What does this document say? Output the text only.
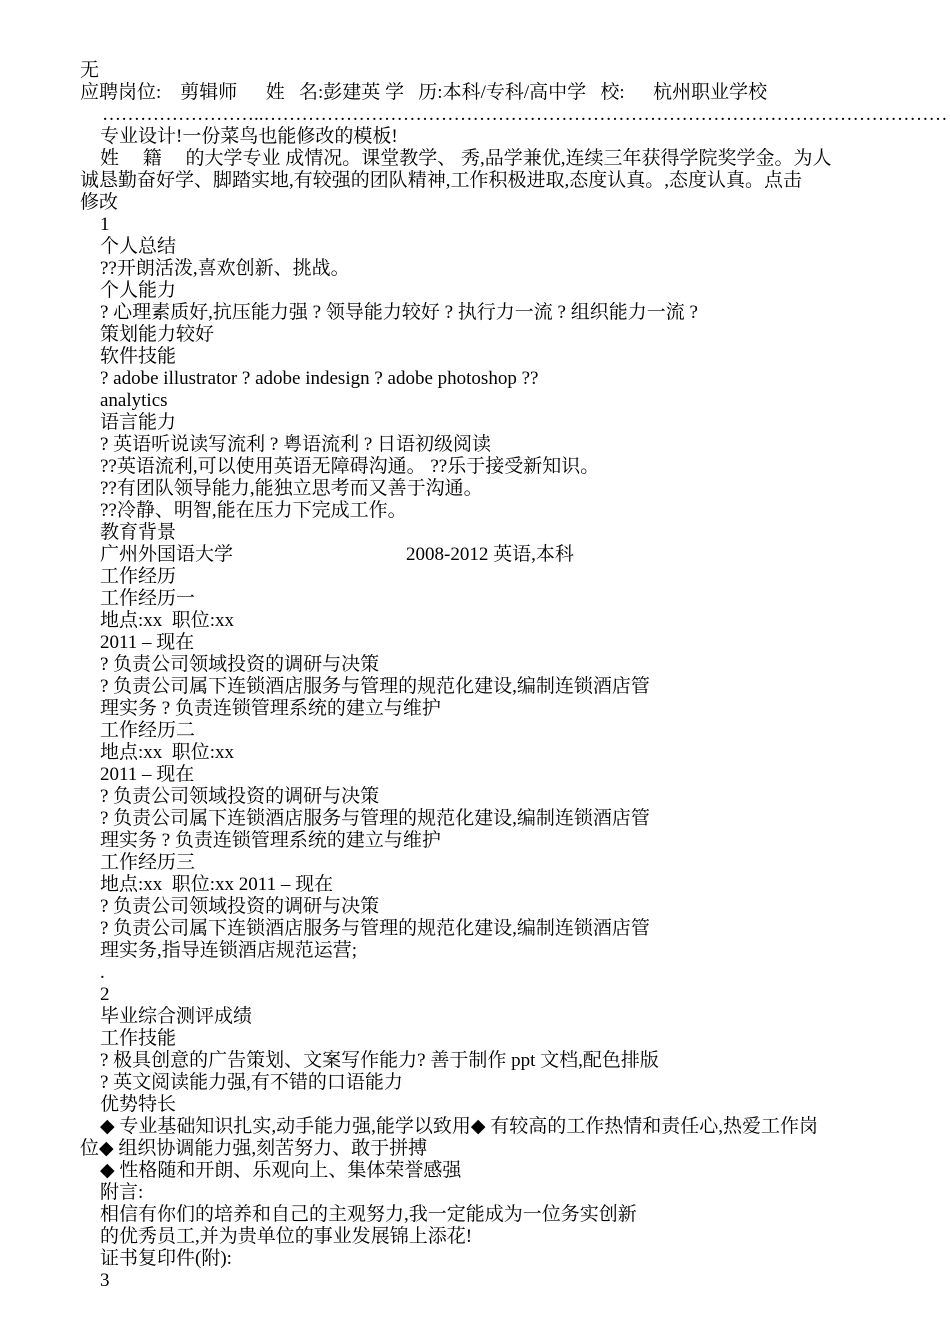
无
应聘岗位:    剪辑师      姓   名:彭建英 学   历:本科/专科/高中学   校:      杭州职业学校
……………………..………………………………………………………………………………………………
专业设计!一份菜鸟也能修改的模板!
姓     籍     的大学专业 成情况。课堂教学、 秀,品学兼优,连续三年获得学院奖学金。为人
诚恳勤奋好学、脚踏实地,有较强的团队精神,工作积极进取,态度认真。,态度认真。点击
修改
1
个人总结
??开朗活泼,喜欢创新、挑战。
个人能力
? 心理素质好,抗压能力强 ? 领导能力较好 ? 执行力一流 ? 组织能力一流 ?
策划能力较好
软件技能
? adobe illustrator ? adobe indesign ? adobe photoshop ??
analytics
语言能力
? 英语听说读写流利 ? 粤语流利 ? 日语初级阅读
??英语流利,可以使用英语无障碍沟通。 ??乐于接受新知识。
??有团队领导能力,能独立思考而又善于沟通。
??冷静、明智,能在压力下完成工作。
教育背景
广州外国语大学	2008-2012 英语,本科
工作经历
工作经历一
地点:xx  职位:xx
2011 – 现在
? 负责公司领域投资的调研与决策
? 负责公司属下连锁酒店服务与管理的规范化建设,编制连锁酒店管
理实务 ? 负责连锁管理系统的建立与维护
工作经历二
地点:xx  职位:xx
2011 – 现在
? 负责公司领域投资的调研与决策
? 负责公司属下连锁酒店服务与管理的规范化建设,编制连锁酒店管
理实务 ? 负责连锁管理系统的建立与维护
工作经历三
地点:xx  职位:xx 2011 – 现在
? 负责公司领域投资的调研与决策
? 负责公司属下连锁酒店服务与管理的规范化建设,编制连锁酒店管
理实务,指导连锁酒店规范运营;
.
2
毕业综合测评成绩
工作技能
? 极具创意的广告策划、文案写作能力? 善于制作 ppt 文档,配色排版
? 英文阅读能力强,有不错的口语能力
优势特长
◆ 专业基础知识扎实,动手能力强,能学以致用◆ 有较高的工作热情和责任心,热爱工作岗
位◆ 组织协调能力强,刻苦努力、敢于拼搏
◆ 性格随和开朗、乐观向上、集体荣誉感强
附言:
相信有你们的培养和自己的主观努力,我一定能成为一位务实创新
的优秀员工,并为贵单位的事业发展锦上添花!
证书复印件(附):
3
